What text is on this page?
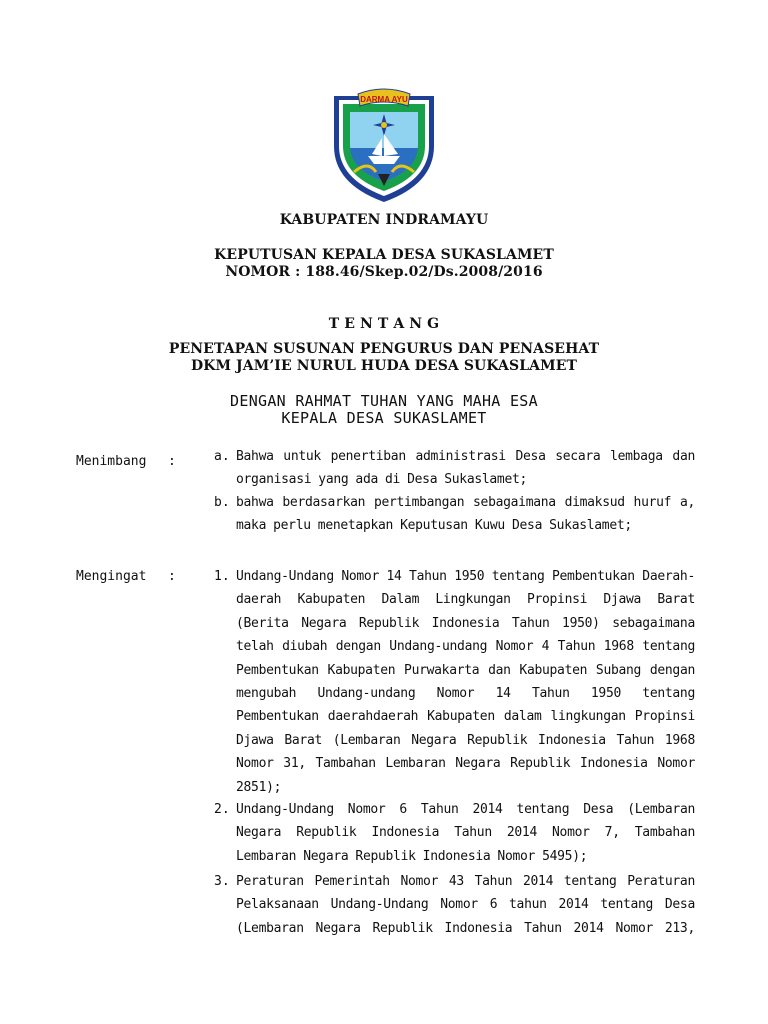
DARMA AYU
KABUPATEN INDRAMAYU
KEPUTUSAN KEPALA DESA SUKASLAMET
NOMOR : 188.46/Skep.02/Ds.2008/2016
T E N T A N G
PENETAPAN SUSUNAN PENGURUS DAN PENASEHAT
DKM JAM’IE NURUL HUDA DESA SUKASLAMET
DENGAN RAHMAT TUHAN YANG MAHA ESA
KEPALA DESA SUKASLAMET
Menimbang :	a. Bahwa untuk penertiban administrasi Desa secara lembaga dan organisasi yang ada di Desa Sukaslamet;
b. bahwa berdasarkan pertimbangan sebagaimana dimaksud huruf a, maka perlu menetapkan Keputusan Kuwu Desa Sukaslamet;
Mengingat :	1. Undang-Undang Nomor 14 Tahun 1950 tentang Pembentukan Daerah-daerah Kabupaten Dalam Lingkungan Propinsi Djawa Barat (Berita Negara Republik Indonesia Tahun 1950) sebagaimana telah diubah dengan Undang-undang Nomor 4 Tahun 1968 tentang Pembentukan Kabupaten Purwakarta dan Kabupaten Subang dengan mengubah Undang-undang Nomor 14 Tahun 1950 tentang Pembentukan daerahdaerah Kabupaten dalam lingkungan Propinsi Djawa Barat (Lembaran Negara Republik Indonesia Tahun 1968 Nomor 31, Tambahan Lembaran Negara Republik Indonesia Nomor 2851);
2. Undang-Undang Nomor 6 Tahun 2014 tentang Desa (Lembaran Negara Republik Indonesia Tahun 2014 Nomor 7, Tambahan Lembaran Negara Republik Indonesia Nomor 5495);
3. Peraturan Pemerintah Nomor 43 Tahun 2014 tentang Peraturan Pelaksanaan Undang-Undang Nomor 6 tahun 2014 tentang Desa (Lembaran Negara Republik Indonesia Tahun 2014 Nomor 213,
